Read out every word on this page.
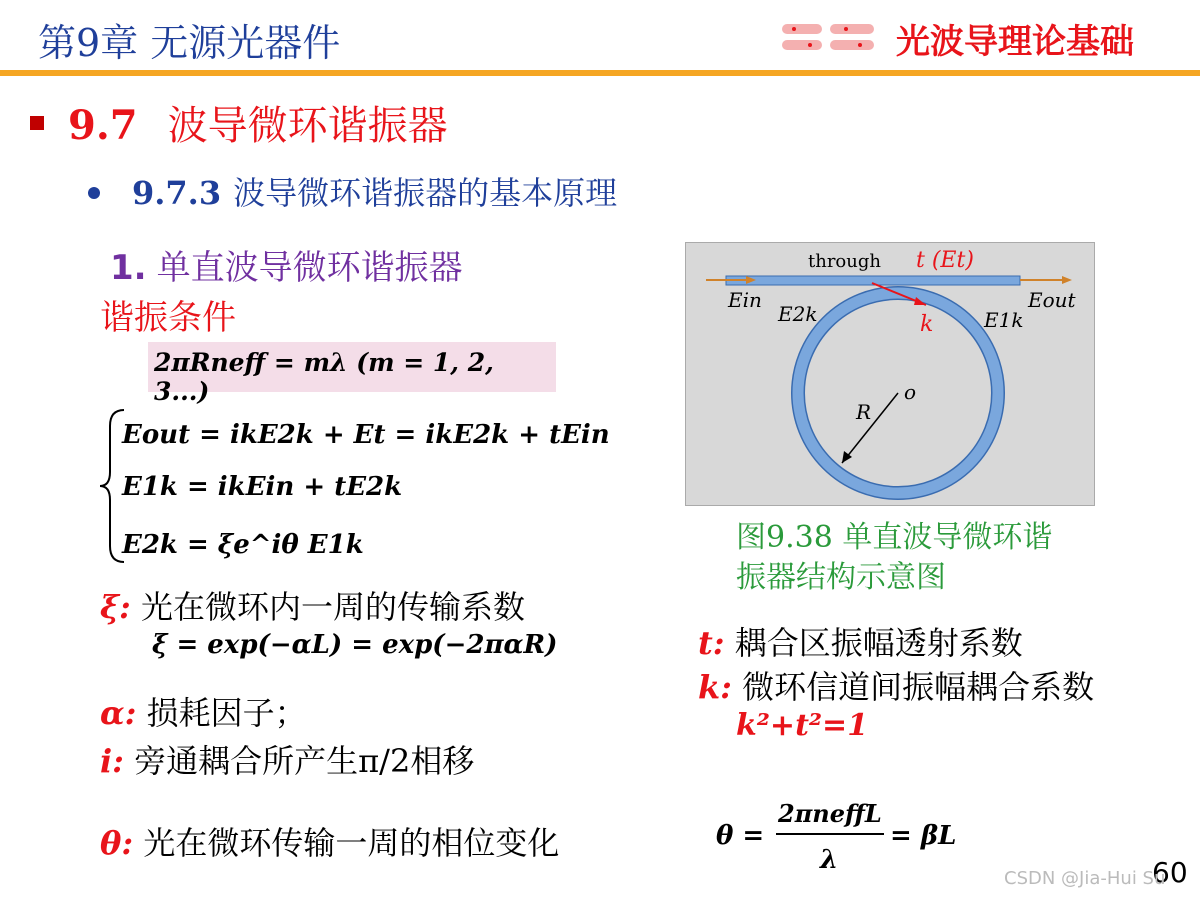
第9章 无源光器件	光波导理论基础
9.7 波导微环谐振器
9.7.3 波导微环谐振器的基本原理
1. 单直波导微环谐振器
谐振条件
2πRneff = mλ (m = 1, 2, 3...)
Eout = ikE2k + Et = ikE2k + tEin
E1k = ikEin + tE2k
E2k = ξe^iθ E1k
ξ: 光在微环内一周的传输系数
ξ = exp(−αL) = exp(−2παR)
α: 损耗因子；
i: 旁通耦合所产生π/2相移
θ: 光在微环传输一周的相位变化	θ =
2πneffL
λ
= βL
through t (Et)
Ein	Eout
E2k	E1k
k
o
R
图9.38 单直波导微环谐振器结构示意图
t: 耦合区振幅透射系数
k: 微环信道间振幅耦合系数
k²+t²=1
60
CSDN @Jia-Hui Su
